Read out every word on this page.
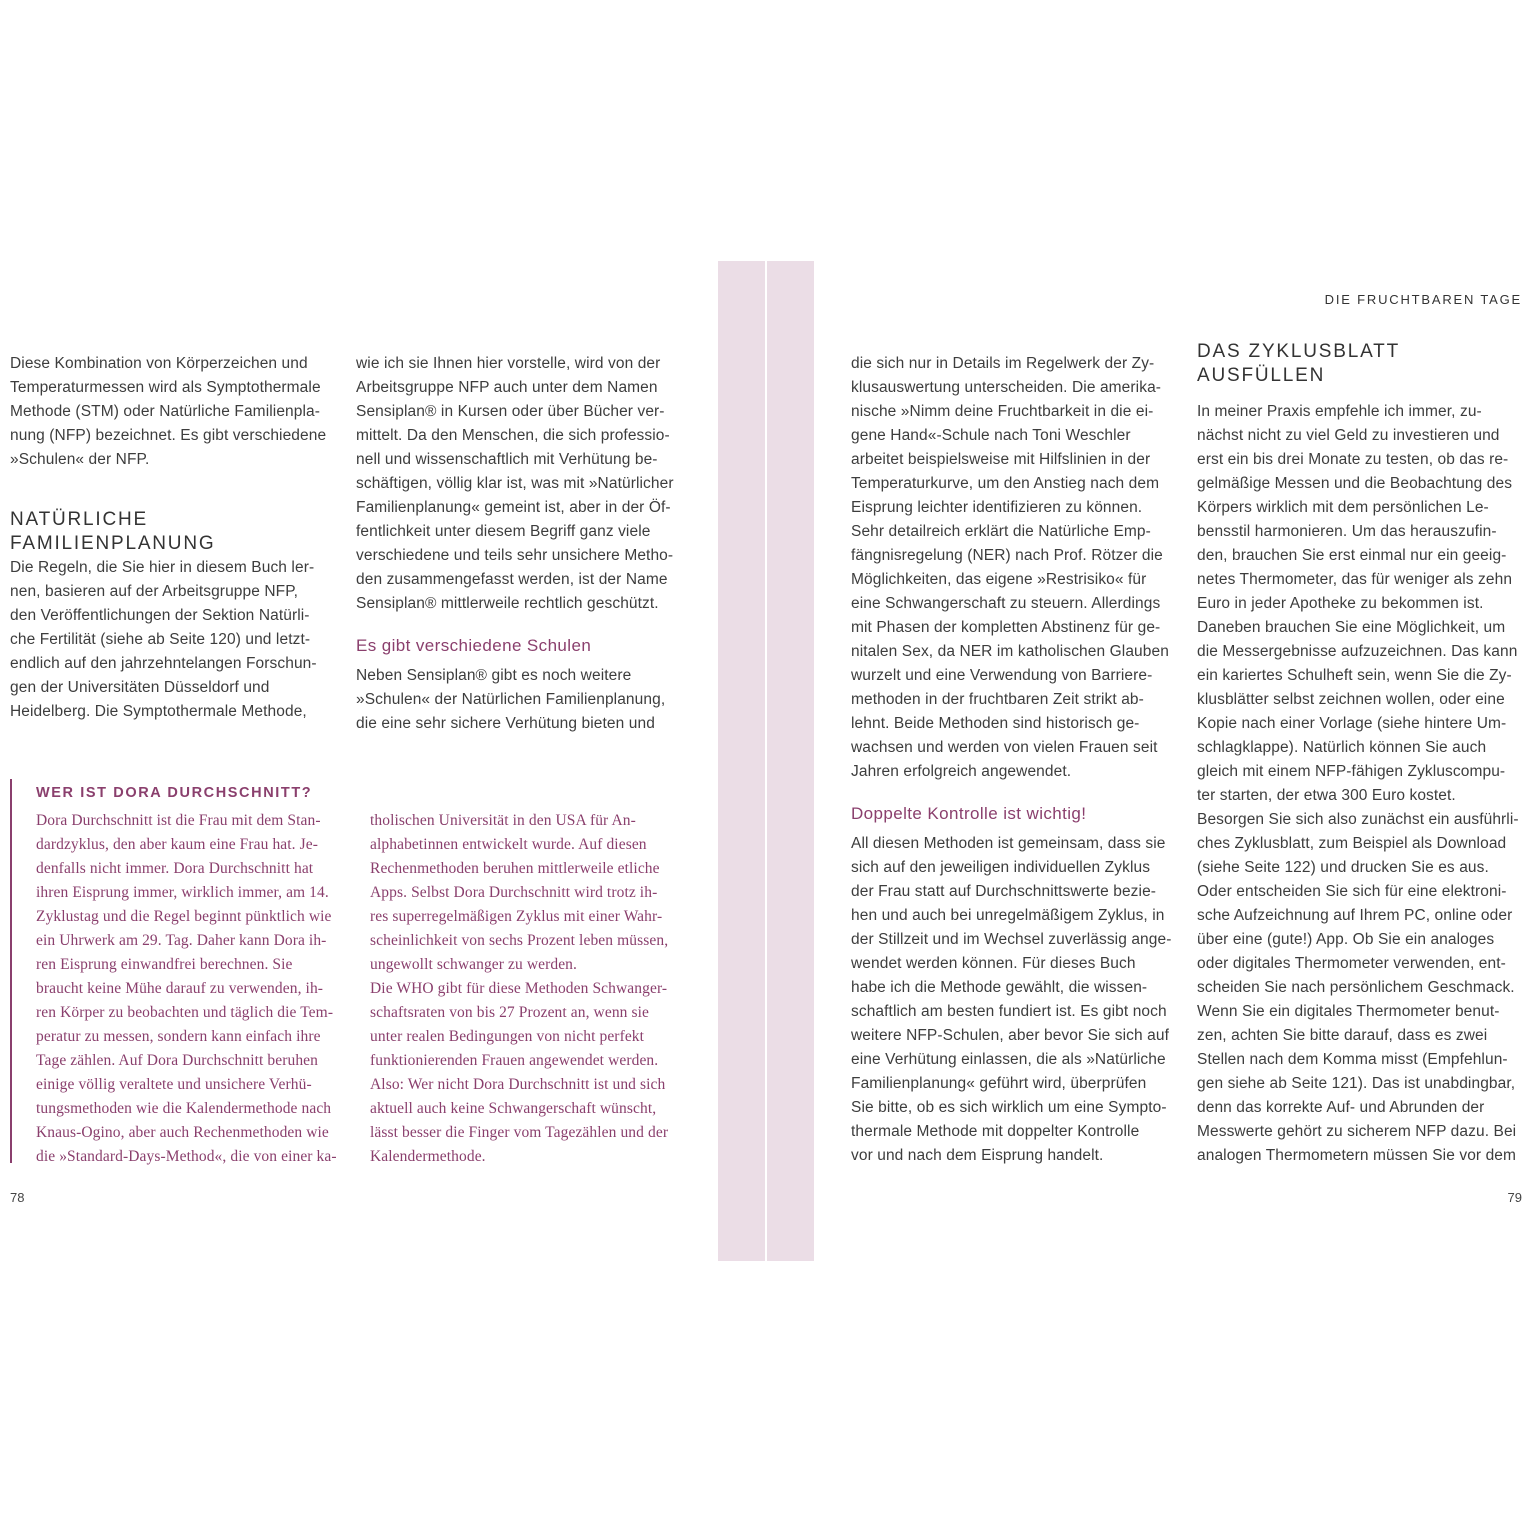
DIE FRUCHTBAREN TAGE

Diese Kombination von Körperzeichen und
Temperaturmessen wird als Symptothermale
Methode (STM) oder Natürliche Familienpla-
nung (NFP) bezeichnet. Es gibt verschiedene
»Schulen« der NFP.

NATÜRLICHE
FAMILIENPLANUNG

Die Regeln, die Sie hier in diesem Buch ler-
nen, basieren auf der Arbeitsgruppe NFP,
den Veröffentlichungen der Sektion Natürli-
che Fertilität (siehe ab Seite 120) und letzt-
endlich auf den jahrzehntelangen Forschun-
gen der Universitäten Düsseldorf und
Heidelberg. Die Symptothermale Methode,

wie ich sie Ihnen hier vorstelle, wird von der
Arbeitsgruppe NFP auch unter dem Namen
Sensiplan® in Kursen oder über Bücher ver-
mittelt. Da den Menschen, die sich professio-
nell und wissenschaftlich mit Verhütung be-
schäftigen, völlig klar ist, was mit »Natürlicher
Familienplanung« gemeint ist, aber in der Öf-
fentlichkeit unter diesem Begriff ganz viele
verschiedene und teils sehr unsichere Metho-
den zusammengefasst werden, ist der Name
Sensiplan® mittlerweile rechtlich geschützt.

Es gibt verschiedene Schulen

Neben Sensiplan® gibt es noch weitere
»Schulen« der Natürlichen Familienplanung,
die eine sehr sichere Verhütung bieten und

WER IST DORA DURCHSCHNITT?

Dora Durchschnitt ist die Frau mit dem Stan-
dardzyklus, den aber kaum eine Frau hat. Je-
denfalls nicht immer. Dora Durchschnitt hat
ihren Eisprung immer, wirklich immer, am 14.
Zyklustag und die Regel beginnt pünktlich wie
ein Uhrwerk am 29. Tag. Daher kann Dora ih-
ren Eisprung einwandfrei berechnen. Sie
braucht keine Mühe darauf zu verwenden, ih-
ren Körper zu beobachten und täglich die Tem-
peratur zu messen, sondern kann einfach ihre
Tage zählen. Auf Dora Durchschnitt beruhen
einige völlig veraltete und unsichere Verhü-
tungsmethoden wie die Kalendermethode nach
Knaus-Ogino, aber auch Rechenmethoden wie
die »Standard-Days-Method«, die von einer ka-

tholischen Universität in den USA für An-
alphabetinnen entwickelt wurde. Auf diesen
Rechenmethoden beruhen mittlerweile etliche
Apps. Selbst Dora Durchschnitt wird trotz ih-
res superregelmäßigen Zyklus mit einer Wahr-
scheinlichkeit von sechs Prozent leben müssen,
ungewollt schwanger zu werden.
Die WHO gibt für diese Methoden Schwanger-
schaftsraten von bis 27 Prozent an, wenn sie
unter realen Bedingungen von nicht perfekt
funktionierenden Frauen angewendet werden.
Also: Wer nicht Dora Durchschnitt ist und sich
aktuell auch keine Schwangerschaft wünscht,
lässt besser die Finger vom Tagezählen und der
Kalendermethode.

78

die sich nur in Details im Regelwerk der Zy-
klusauswertung unterscheiden. Die amerika-
nische »Nimm deine Fruchtbarkeit in die ei-
gene Hand«-Schule nach Toni Weschler
arbeitet beispielsweise mit Hilfslinien in der
Temperaturkurve, um den Anstieg nach dem
Eisprung leichter identifizieren zu können.
Sehr detailreich erklärt die Natürliche Emp-
fängnisregelung (NER) nach Prof. Rötzer die
Möglichkeiten, das eigene »Restrisiko« für
eine Schwangerschaft zu steuern. Allerdings
mit Phasen der kompletten Abstinenz für ge-
nitalen Sex, da NER im katholischen Glauben
wurzelt und eine Verwendung von Barriere-
methoden in der fruchtbaren Zeit strikt ab-
lehnt. Beide Methoden sind historisch ge-
wachsen und werden von vielen Frauen seit
Jahren erfolgreich angewendet.

Doppelte Kontrolle ist wichtig!

All diesen Methoden ist gemeinsam, dass sie
sich auf den jeweiligen individuellen Zyklus
der Frau statt auf Durchschnittswerte bezie-
hen und auch bei unregelmäßigem Zyklus, in
der Stillzeit und im Wechsel zuverlässig ange-
wendet werden können. Für dieses Buch
habe ich die Methode gewählt, die wissen-
schaftlich am besten fundiert ist. Es gibt noch
weitere NFP-Schulen, aber bevor Sie sich auf
eine Verhütung einlassen, die als »Natürliche
Familienplanung« geführt wird, überprüfen
Sie bitte, ob es sich wirklich um eine Sympto-
thermale Methode mit doppelter Kontrolle
vor und nach dem Eisprung handelt.

DAS ZYKLUSBLATT
AUSFÜLLEN

In meiner Praxis empfehle ich immer, zu-
nächst nicht zu viel Geld zu investieren und
erst ein bis drei Monate zu testen, ob das re-
gelmäßige Messen und die Beobachtung des
Körpers wirklich mit dem persönlichen Le-
bensstil harmonieren. Um das herauszufin-
den, brauchen Sie erst einmal nur ein geeig-
netes Thermometer, das für weniger als zehn
Euro in jeder Apotheke zu bekommen ist.
Daneben brauchen Sie eine Möglichkeit, um
die Messergebnisse aufzuzeichnen. Das kann
ein kariertes Schulheft sein, wenn Sie die Zy-
klusblätter selbst zeichnen wollen, oder eine
Kopie nach einer Vorlage (siehe hintere Um-
schlagklappe). Natürlich können Sie auch
gleich mit einem NFP-fähigen Zykluscompu-
ter starten, der etwa 300 Euro kostet.
Besorgen Sie sich also zunächst ein ausführli-
ches Zyklusblatt, zum Beispiel als Download
(siehe Seite 122) und drucken Sie es aus.
Oder entscheiden Sie sich für eine elektroni-
sche Aufzeichnung auf Ihrem PC, online oder
über eine (gute!) App. Ob Sie ein analoges
oder digitales Thermometer verwenden, ent-
scheiden Sie nach persönlichem Geschmack.
Wenn Sie ein digitales Thermometer benut-
zen, achten Sie bitte darauf, dass es zwei
Stellen nach dem Komma misst (Empfehlun-
gen siehe ab Seite 121). Das ist unabdingbar,
denn das korrekte Auf- und Abrunden der
Messwerte gehört zu sicherem NFP dazu. Bei
analogen Thermometern müssen Sie vor dem

79
